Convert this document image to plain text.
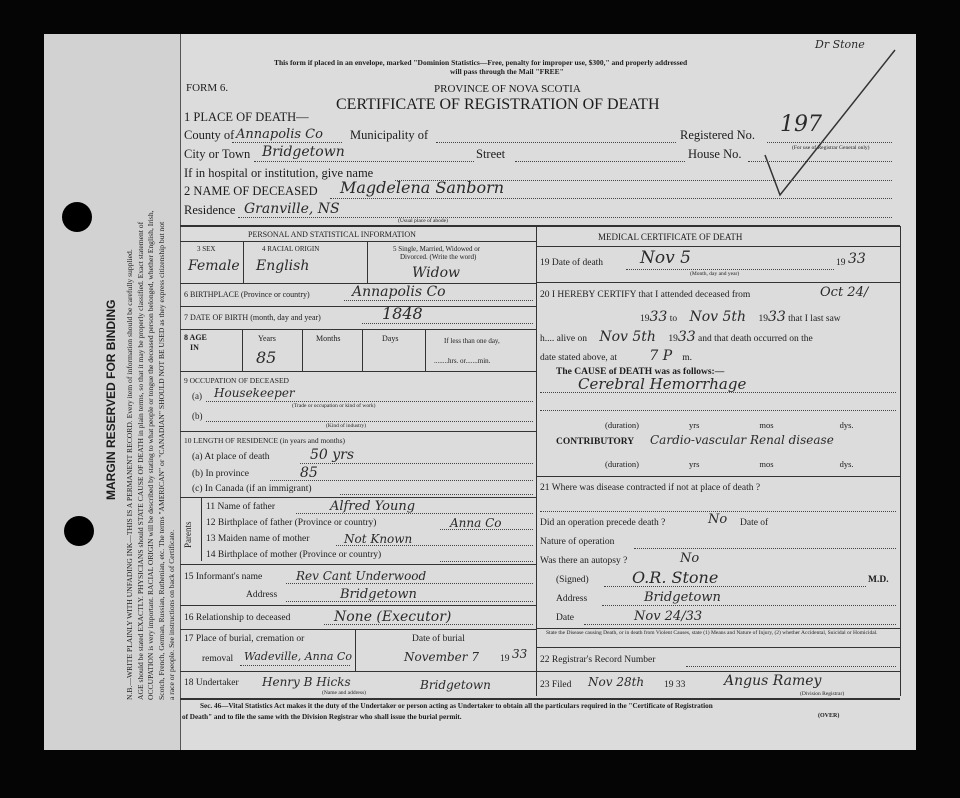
MARGIN RESERVED FOR BINDING N.B.—WRITE PLAINLY WITH UNFADING INK—THIS IS A PERMANENT RECORD. Every item of information should be carefully supplied. AGE should be stated EXACTLY. PHYSICIANS should STATE CAUSE OF DEATH in plain terms, so that it may be properly classified. Exact statement of OCCUPATION is very important. RACIAL ORIGIN will be described by stating to what people or tongue the deceased person belonged, whether English, Irish, Scotch, French, German, Russian, Ruthenian, etc. The terms "AMERICAN" or "CANADIAN" SHOULD NOT BE USED as they express citizenship but not a race or people. See instructions on back of Certificate.
This form if placed in an envelope, marked "Dominion Statistics—Free, penalty for improper use, $300," and properly addressed
will pass through the Mail "FREE"
FORM 6.	PROVINCE OF NOVA SCOTIA
CERTIFICATE OF REGISTRATION OF DEATH
Dr Stone
1 PLACE OF DEATH—
County of Annapolis Co Municipality of	Registered No. 197
(For use of Registrar General only)
City or Town Bridgetown	Street	House No.
If in hospital or institution, give name
2 NAME OF DECEASED Magdelena Sanborn
Residence Granville, NS
(Usual place of abode)
PERSONAL AND STATISTICAL INFORMATION
3 SEX
Female
4 RACIAL ORIGIN
English
5 Single, Married, Widowed or
Divorced. (Write the word)
Widow
6 BIRTHPLACE (Province or country)	Annapolis Co
7 DATE OF BIRTH (month, day and year)	1848
8 AGE
IN
Years
85
Months	Days	If less than one day,
........hrs. or.......min.
9 OCCUPATION OF DECEASED
(a) Housekeeper
(Trade or occupation or kind of work)
(b)
(Kind of industry)
10 LENGTH OF RESIDENCE (in years and months)
(a) At place of death	50 yrs
(b) In province	85
(c) In Canada (if an immigrant)
Parents
11 Name of father	Alfred Young
12 Birthplace of father (Province or country)	Anna Co
13 Maiden name of mother	Not Known
14 Birthplace of mother (Province or country)
15 Informant's name	Rev Cant Underwood
Address	Bridgetown
16 Relationship to deceased	None (Executor)
17 Place of burial, cremation or
removal Wadeville, Anna Co
Date of burial
November 7 19 33
18 Undertaker Henry B Hicks	Bridgetown
(Name and address)
MEDICAL CERTIFICATE OF DEATH
19 Date of death Nov 5
(Month, day and year)
19 33
20 I HEREBY CERTIFY that I attended deceased from	Oct 24/
1933 to Nov 5th 1933 that I last saw
h.... alive on Nov 5th 1933 and that death occurred on the
date stated above, at 7 P m.
The CAUSE of DEATH was as follows:—
Cerebral Hemorrhage
(duration)	yrs	mos	dys.
CONTRIBUTORY Cardio-vascular Renal disease
(duration)	yrs	mos	dys.
21 Where was disease contracted if not at place of death ?
Did an operation precede death ?	No Date of
Nature of operation
Was there an autopsy ?	No
(Signed)	O.R. Stone	M.D.
Address	Bridgetown
Date	Nov 24/33
State the Disease causing Death, or in death from Violent Causes, state (1) Means and Nature of Injury, (2) whether Accidental, Suicidal or Homicidal.
22 Registrar's Record Number
23 Filed Nov 28th 19 33	Angus Ramey
(Division Registrar)
Sec. 46—Vital Statistics Act makes it the duty of the Undertaker or person acting as Undertaker to obtain all the particulars required in the "Certificate of Registration
of Death" and to file the same with the Division Registrar who shall issue the burial permit.	(OVER)
